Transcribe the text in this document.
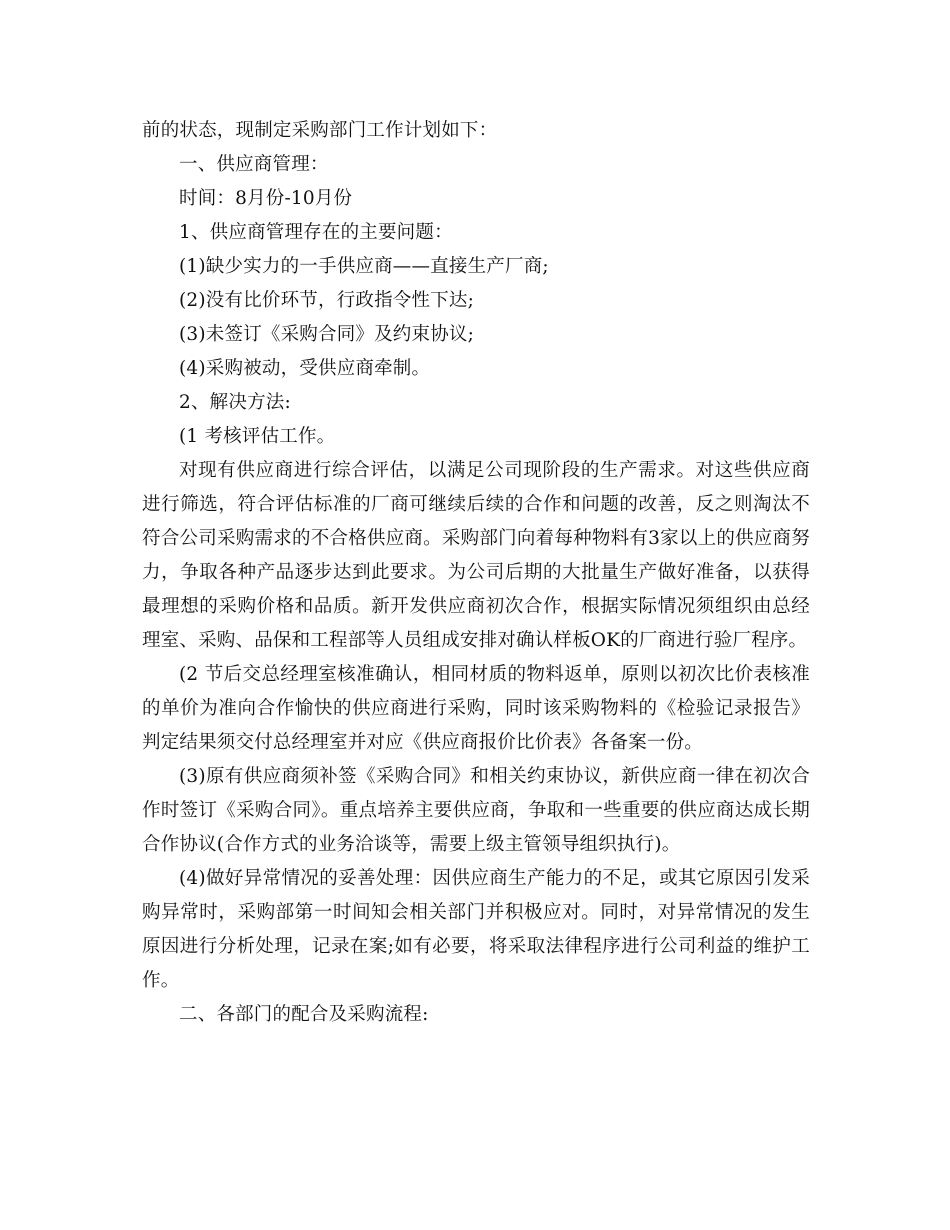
前的状态，现制定采购部门工作计划如下：

一、供应商管理：

时间：8月份-10月份

1、供应商管理存在的主要问题：

(1)缺少实力的一手供应商——直接生产厂商;

(2)没有比价环节，行政指令性下达;

(3)未签订《采购合同》及约束协议;

(4)采购被动，受供应商牵制。

2、解决方法:

(1 考核评估工作。

对现有供应商进行综合评估，以满足公司现阶段的生产需求。对这些供应商进行筛选，符合评估标准的厂商可继续后续的合作和问题的改善，反之则淘汰不符合公司采购需求的不合格供应商。采购部门向着每种物料有3家以上的供应商努力，争取各种产品逐步达到此要求。为公司后期的大批量生产做好准备，以获得最理想的采购价格和品质。新开发供应商初次合作，根据实际情况须组织由总经理室、采购、品保和工程部等人员组成安排对确认样板OK的厂商进行验厂程序。

(2 节后交总经理室核准确认，相同材质的物料返单，原则以初次比价表核准的单价为准向合作愉快的供应商进行采购，同时该采购物料的《检验记录报告》判定结果须交付总经理室并对应《供应商报价比价表》各备案一份。

(3)原有供应商须补签《采购合同》和相关约束协议，新供应商一律在初次合作时签订《采购合同》。重点培养主要供应商，争取和一些重要的供应商达成长期合作协议(合作方式的业务洽谈等，需要上级主管领导组织执行)。

(4)做好异常情况的妥善处理：因供应商生产能力的不足，或其它原因引发采购异常时，采购部第一时间知会相关部门并积极应对。同时，对异常情况的发生原因进行分析处理，记录在案;如有必要，将采取法律程序进行公司利益的维护工作。

二、各部门的配合及采购流程:
